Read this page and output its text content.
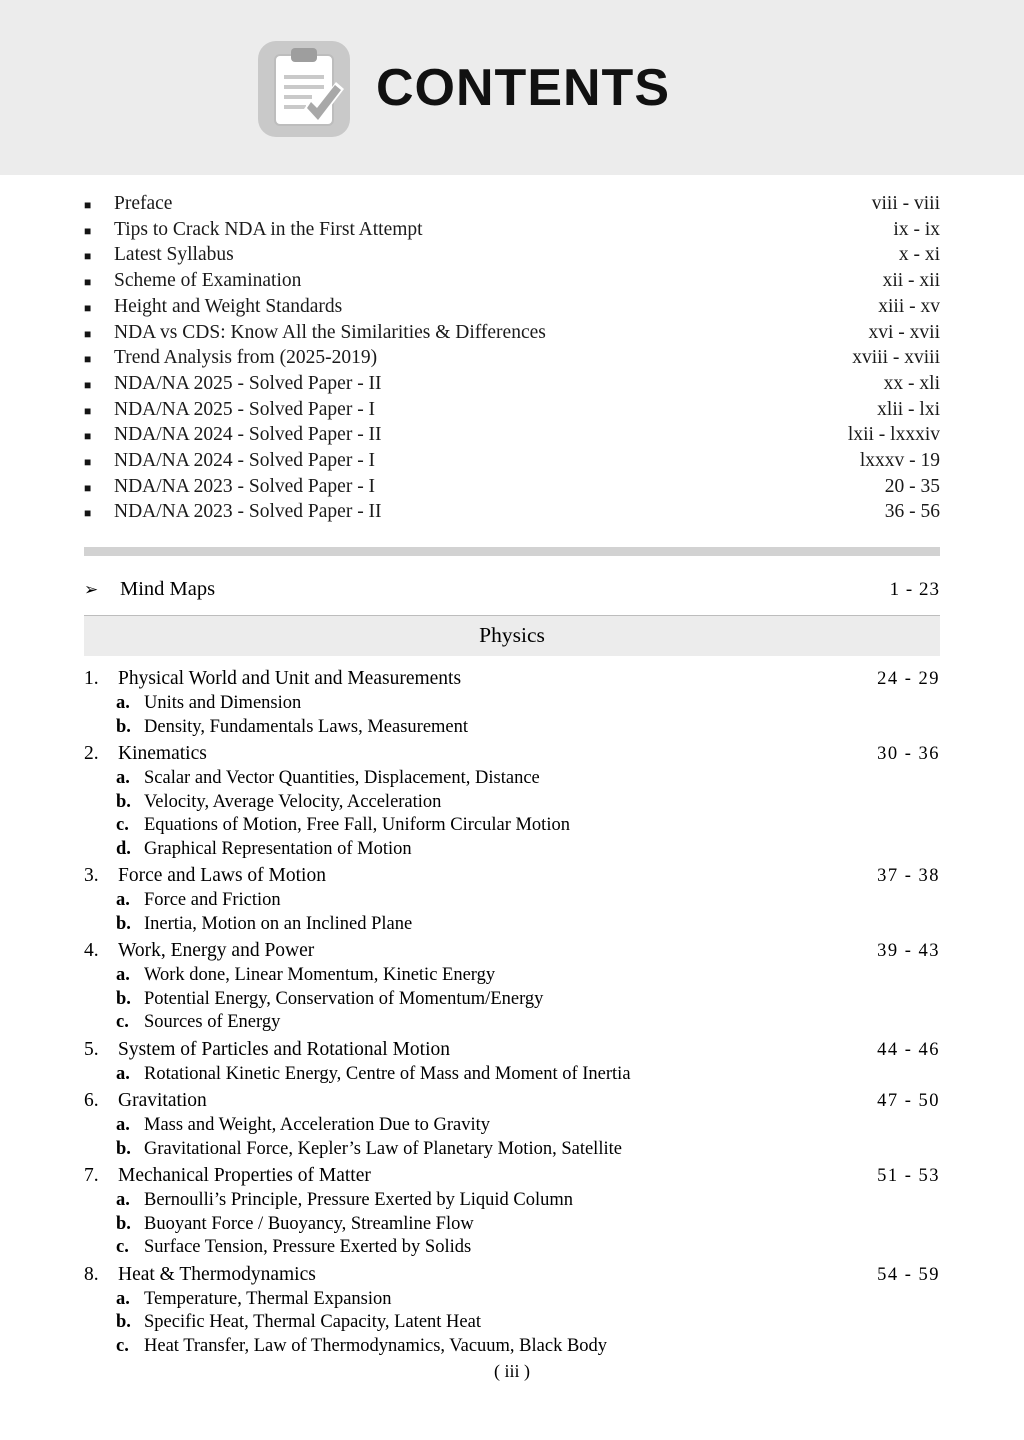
CONTENTS
■	Preface	viii - viii
■	Tips to Crack NDA in the First Attempt	ix - ix
■	Latest Syllabus	x - xi
■	Scheme of Examination	xii - xii
■	Height and Weight Standards	xiii - xv
■	NDA vs CDS: Know All the Similarities & Differences	xvi - xvii
■	Trend Analysis from (2025-2019)	xviii - xviii
■	NDA/NA 2025 - Solved Paper - II	xx - xli
■	NDA/NA 2025 - Solved Paper - I	xlii - lxi
■	NDA/NA 2024 - Solved Paper - II	lxii - lxxxiv
■	NDA/NA 2024 - Solved Paper - I	lxxxv - 19
■	NDA/NA 2023 - Solved Paper - I	20 - 35
■	NDA/NA 2023 - Solved Paper - II	36 - 56
➢	Mind Maps	1 - 23
Physics
1. Physical World and Unit and Measurements	24 - 29
a. Units and Dimension
b. Density, Fundamentals Laws, Measurement
2. Kinematics	30 - 36
a. Scalar and Vector Quantities, Displacement, Distance
b. Velocity, Average Velocity, Acceleration
c. Equations of Motion, Free Fall, Uniform Circular Motion
d. Graphical Representation of Motion
3. Force and Laws of Motion	37 - 38
a. Force and Friction
b. Inertia, Motion on an Inclined Plane
4. Work, Energy and Power	39 - 43
a. Work done, Linear Momentum, Kinetic Energy
b. Potential Energy, Conservation of Momentum/Energy
c. Sources of Energy
5. System of Particles and Rotational Motion	44 - 46
a. Rotational Kinetic Energy, Centre of Mass and Moment of Inertia
6. Gravitation	47 - 50
a. Mass and Weight, Acceleration Due to Gravity
b. Gravitational Force, Kepler’s Law of Planetary Motion, Satellite
7. Mechanical Properties of Matter	51 - 53
a. Bernoulli’s Principle, Pressure Exerted by Liquid Column
b. Buoyant Force / Buoyancy, Streamline Flow
c. Surface Tension, Pressure Exerted by Solids
8. Heat & Thermodynamics	54 - 59
a. Temperature, Thermal Expansion
b. Specific Heat, Thermal Capacity, Latent Heat
c. Heat Transfer, Law of Thermodynamics, Vacuum, Black Body
( iii )
